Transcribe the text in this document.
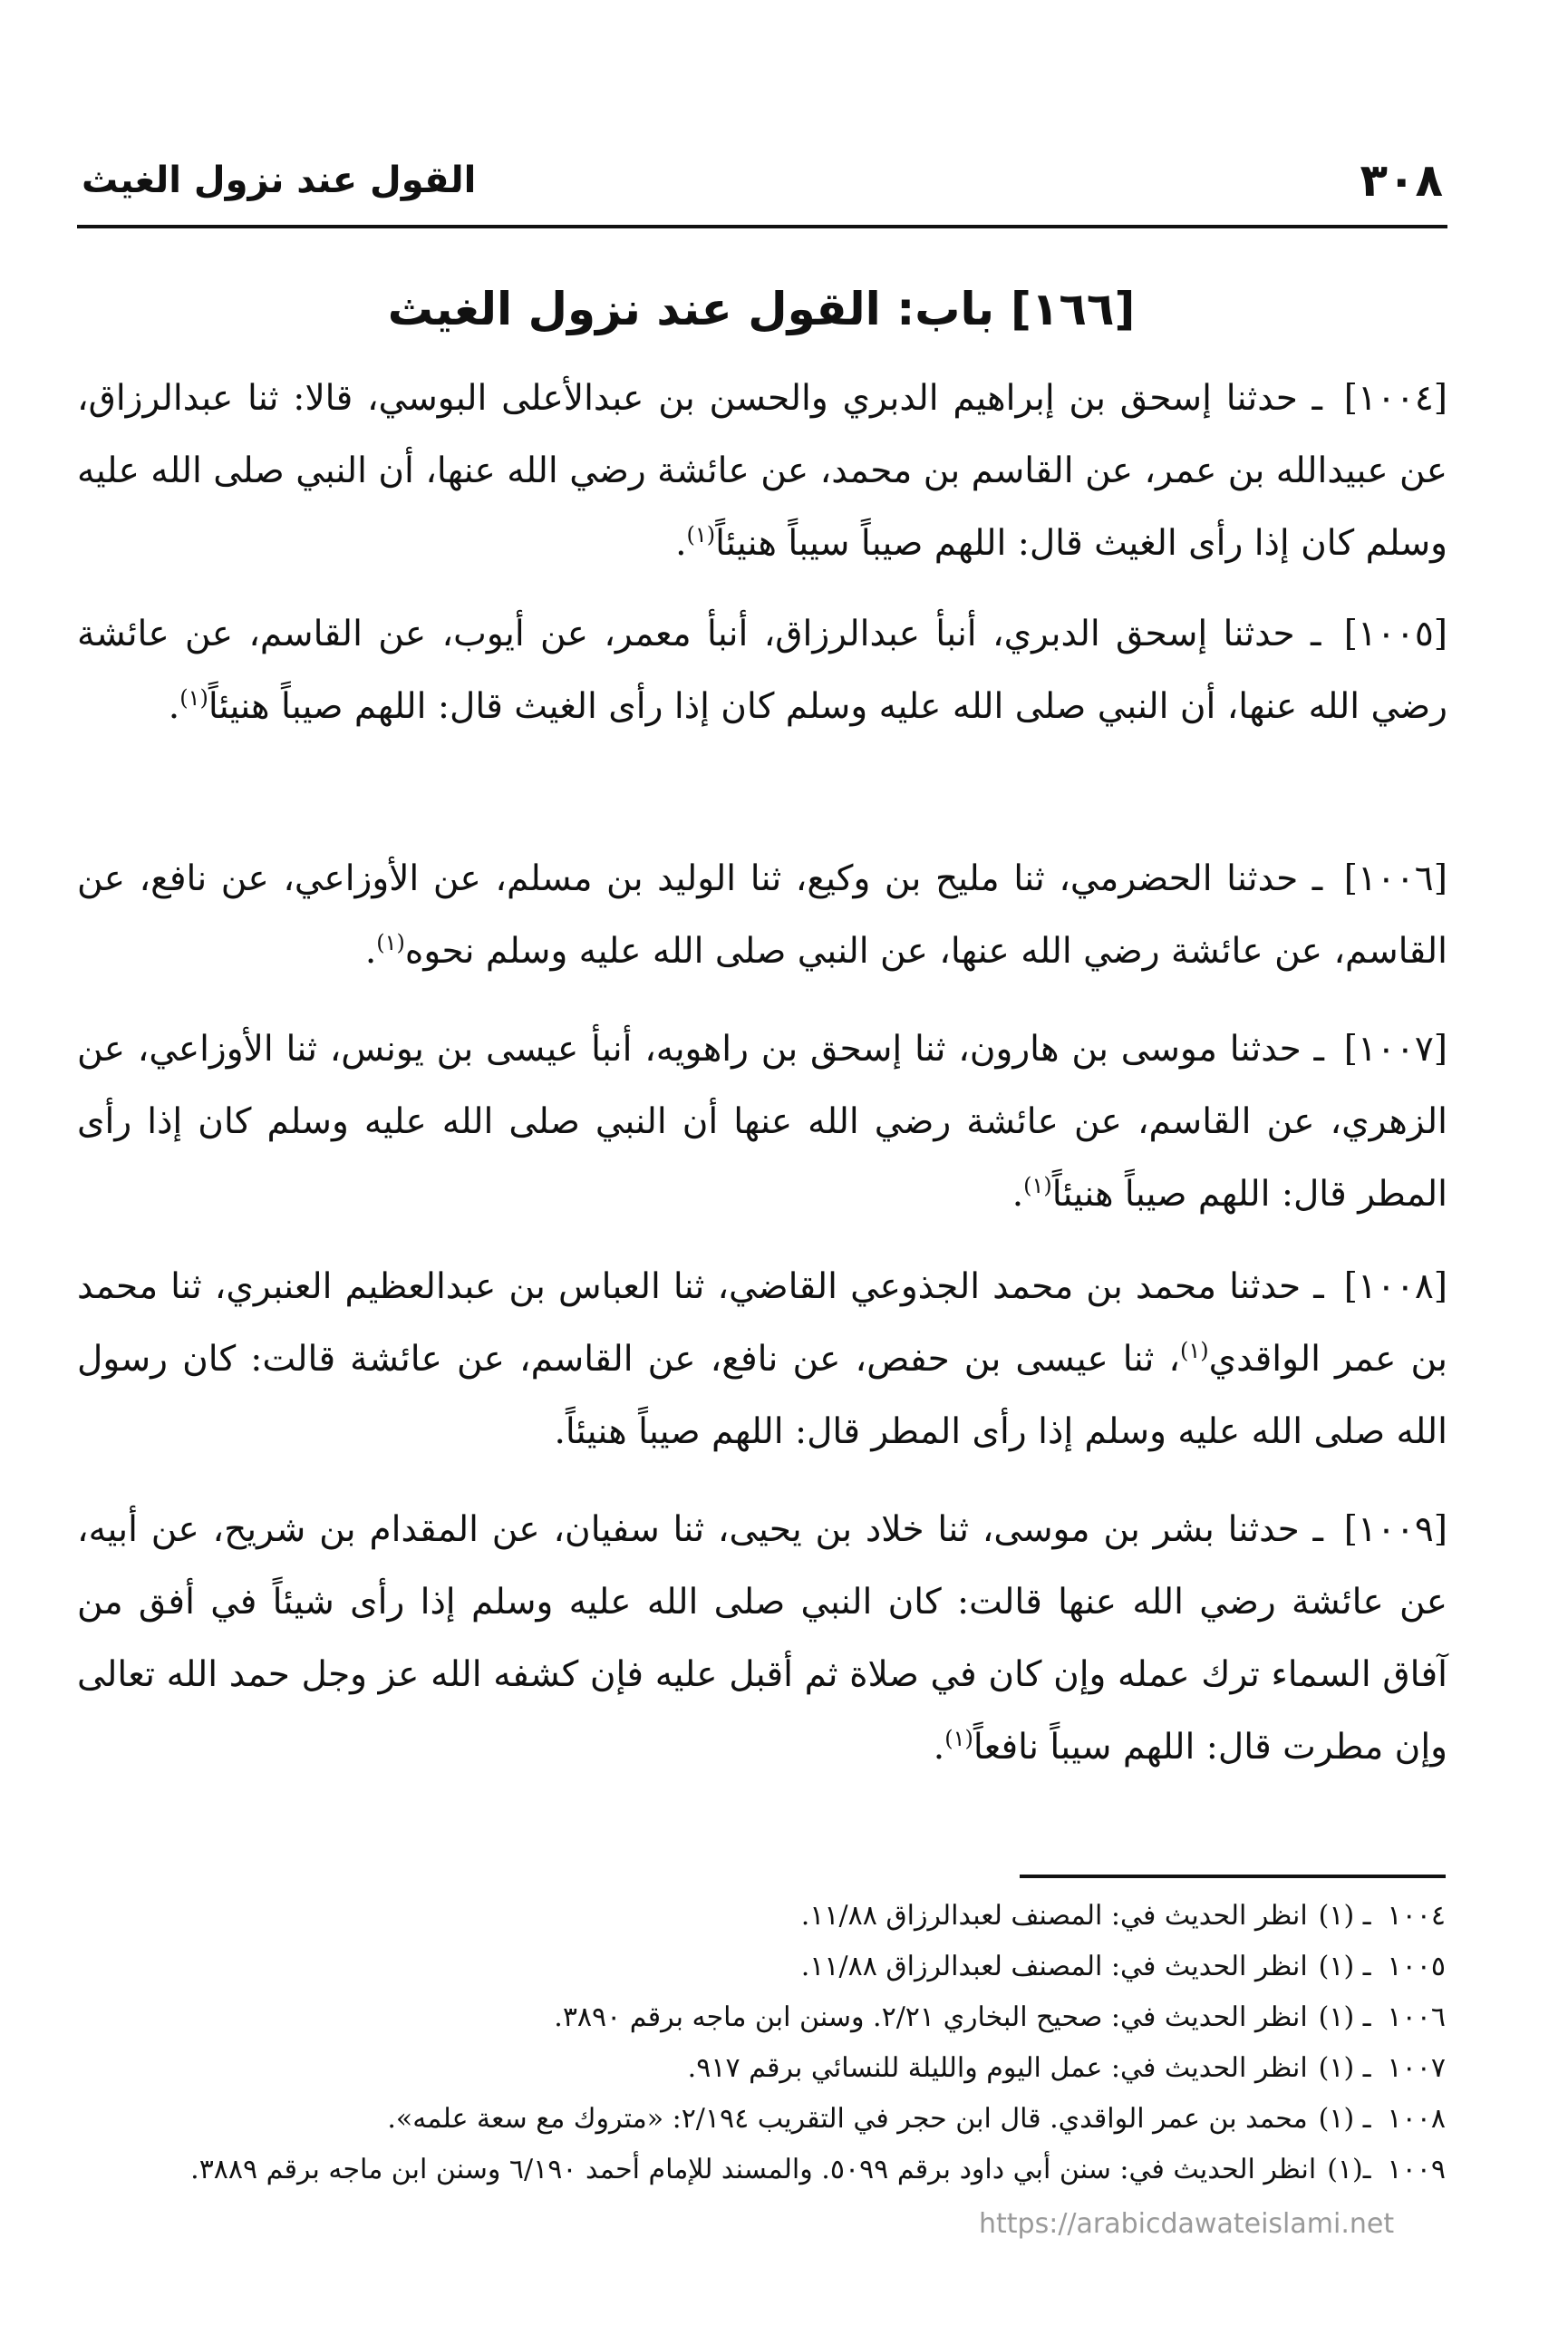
٣٠٨
القول عند نزول الغيث
[١٦٦]باب: القول عند نزول الغيث

[١٠٠٤] ـ حدثنا إسحق بن إبراهيم الدبري والحسن بن عبدالأعلى البوسي، قالا: ثنا عبدالرزاق، عن عبيدالله بن عمر، عن القاسم بن محمد، عن عائشة رضي الله عنها، أن النبي صلى الله عليه وسلم كان إذا رأى الغيث قال: اللهم صيباً سيباً هنيئاً$^{(١)}$.

[١٠٠٥] ـ حدثنا إسحق الدبري، أنبأ عبدالرزاق، أنبأ معمر، عن أيوب، عن القاسم، عن عائشة رضي الله عنها، أن النبي صلى الله عليه وسلم كان إذا رأى الغيث قال: اللهم صيباً هنيئاً$^{(١)}$.

[١٠٠٦] ـ حدثنا الحضرمي، ثنا مليح بن وكيع، ثنا الوليد بن مسلم، عن الأوزاعي، عن نافع، عن القاسم، عن عائشة رضي الله عنها، عن النبي صلى الله عليه وسلم نحوه$^{(١)}$.

[١٠٠٧] ـ حدثنا موسى بن هارون، ثنا إسحق بن راهويه، أنبأ عيسى بن يونس، ثنا الأوزاعي، عن الزهري، عن القاسم، عن عائشة رضي الله عنها أن النبي صلى الله عليه وسلم كان إذا رأى المطر قال: اللهم صيباً هنيئاً$^{(١)}$.

[١٠٠٨] ـ حدثنا محمد بن محمد الجذوعي القاضي، ثنا العباس بن عبدالعظيم العنبري، ثنا محمد بن عمر الواقدي$^{(١)}$، ثنا عيسى بن حفص، عن نافع، عن القاسم، عن عائشة قالت: كان رسول الله صلى الله عليه وسلم إذا رأى المطر قال: اللهم صيباً هنيئاً.

[١٠٠٩] ـ حدثنا بشر بن موسى، ثنا خلاد بن يحيى، ثنا سفيان، عن المقدام بن شريح، عن أبيه، عن عائشة رضي الله عنها قالت: كان النبي صلى الله عليه وسلم إذا رأى شيئاً في أفق من آفاق السماء ترك عمله وإن كان في صلاة ثم أقبل عليه فإن كشفه الله عز وجل حمد الله تعالى وإن مطرت قال: اللهم سيباً نافعاً$^{(١)}$.

١٠٠٤ـ (١)انظر الحديث في: المصنف لعبدالرزاق ١١/٨٨.
١٠٠٥ـ (١)انظر الحديث في: المصنف لعبدالرزاق ١١/٨٨.
١٠٠٦ـ (١)انظر الحديث في: صحيح البخاري ٢/٢١. وسنن ابن ماجه برقم ٣٨٩٠.
١٠٠٧ـ (١)انظر الحديث في: عمل اليوم والليلة للنسائي برقم ٩١٧.
١٠٠٨ـ (١)محمد بن عمر الواقدي. قال ابن حجر في التقريب ٢/١٩٤: «متروك مع سعة علمه».
١٠٠٩ـ(١)انظر الحديث في: سنن أبي داود برقم ٥٠٩٩. والمسند للإمام أحمد ٦/١٩٠ وسنن ابن ماجه برقم ٣٨٨٩.
https://arabicdawateislami.net
